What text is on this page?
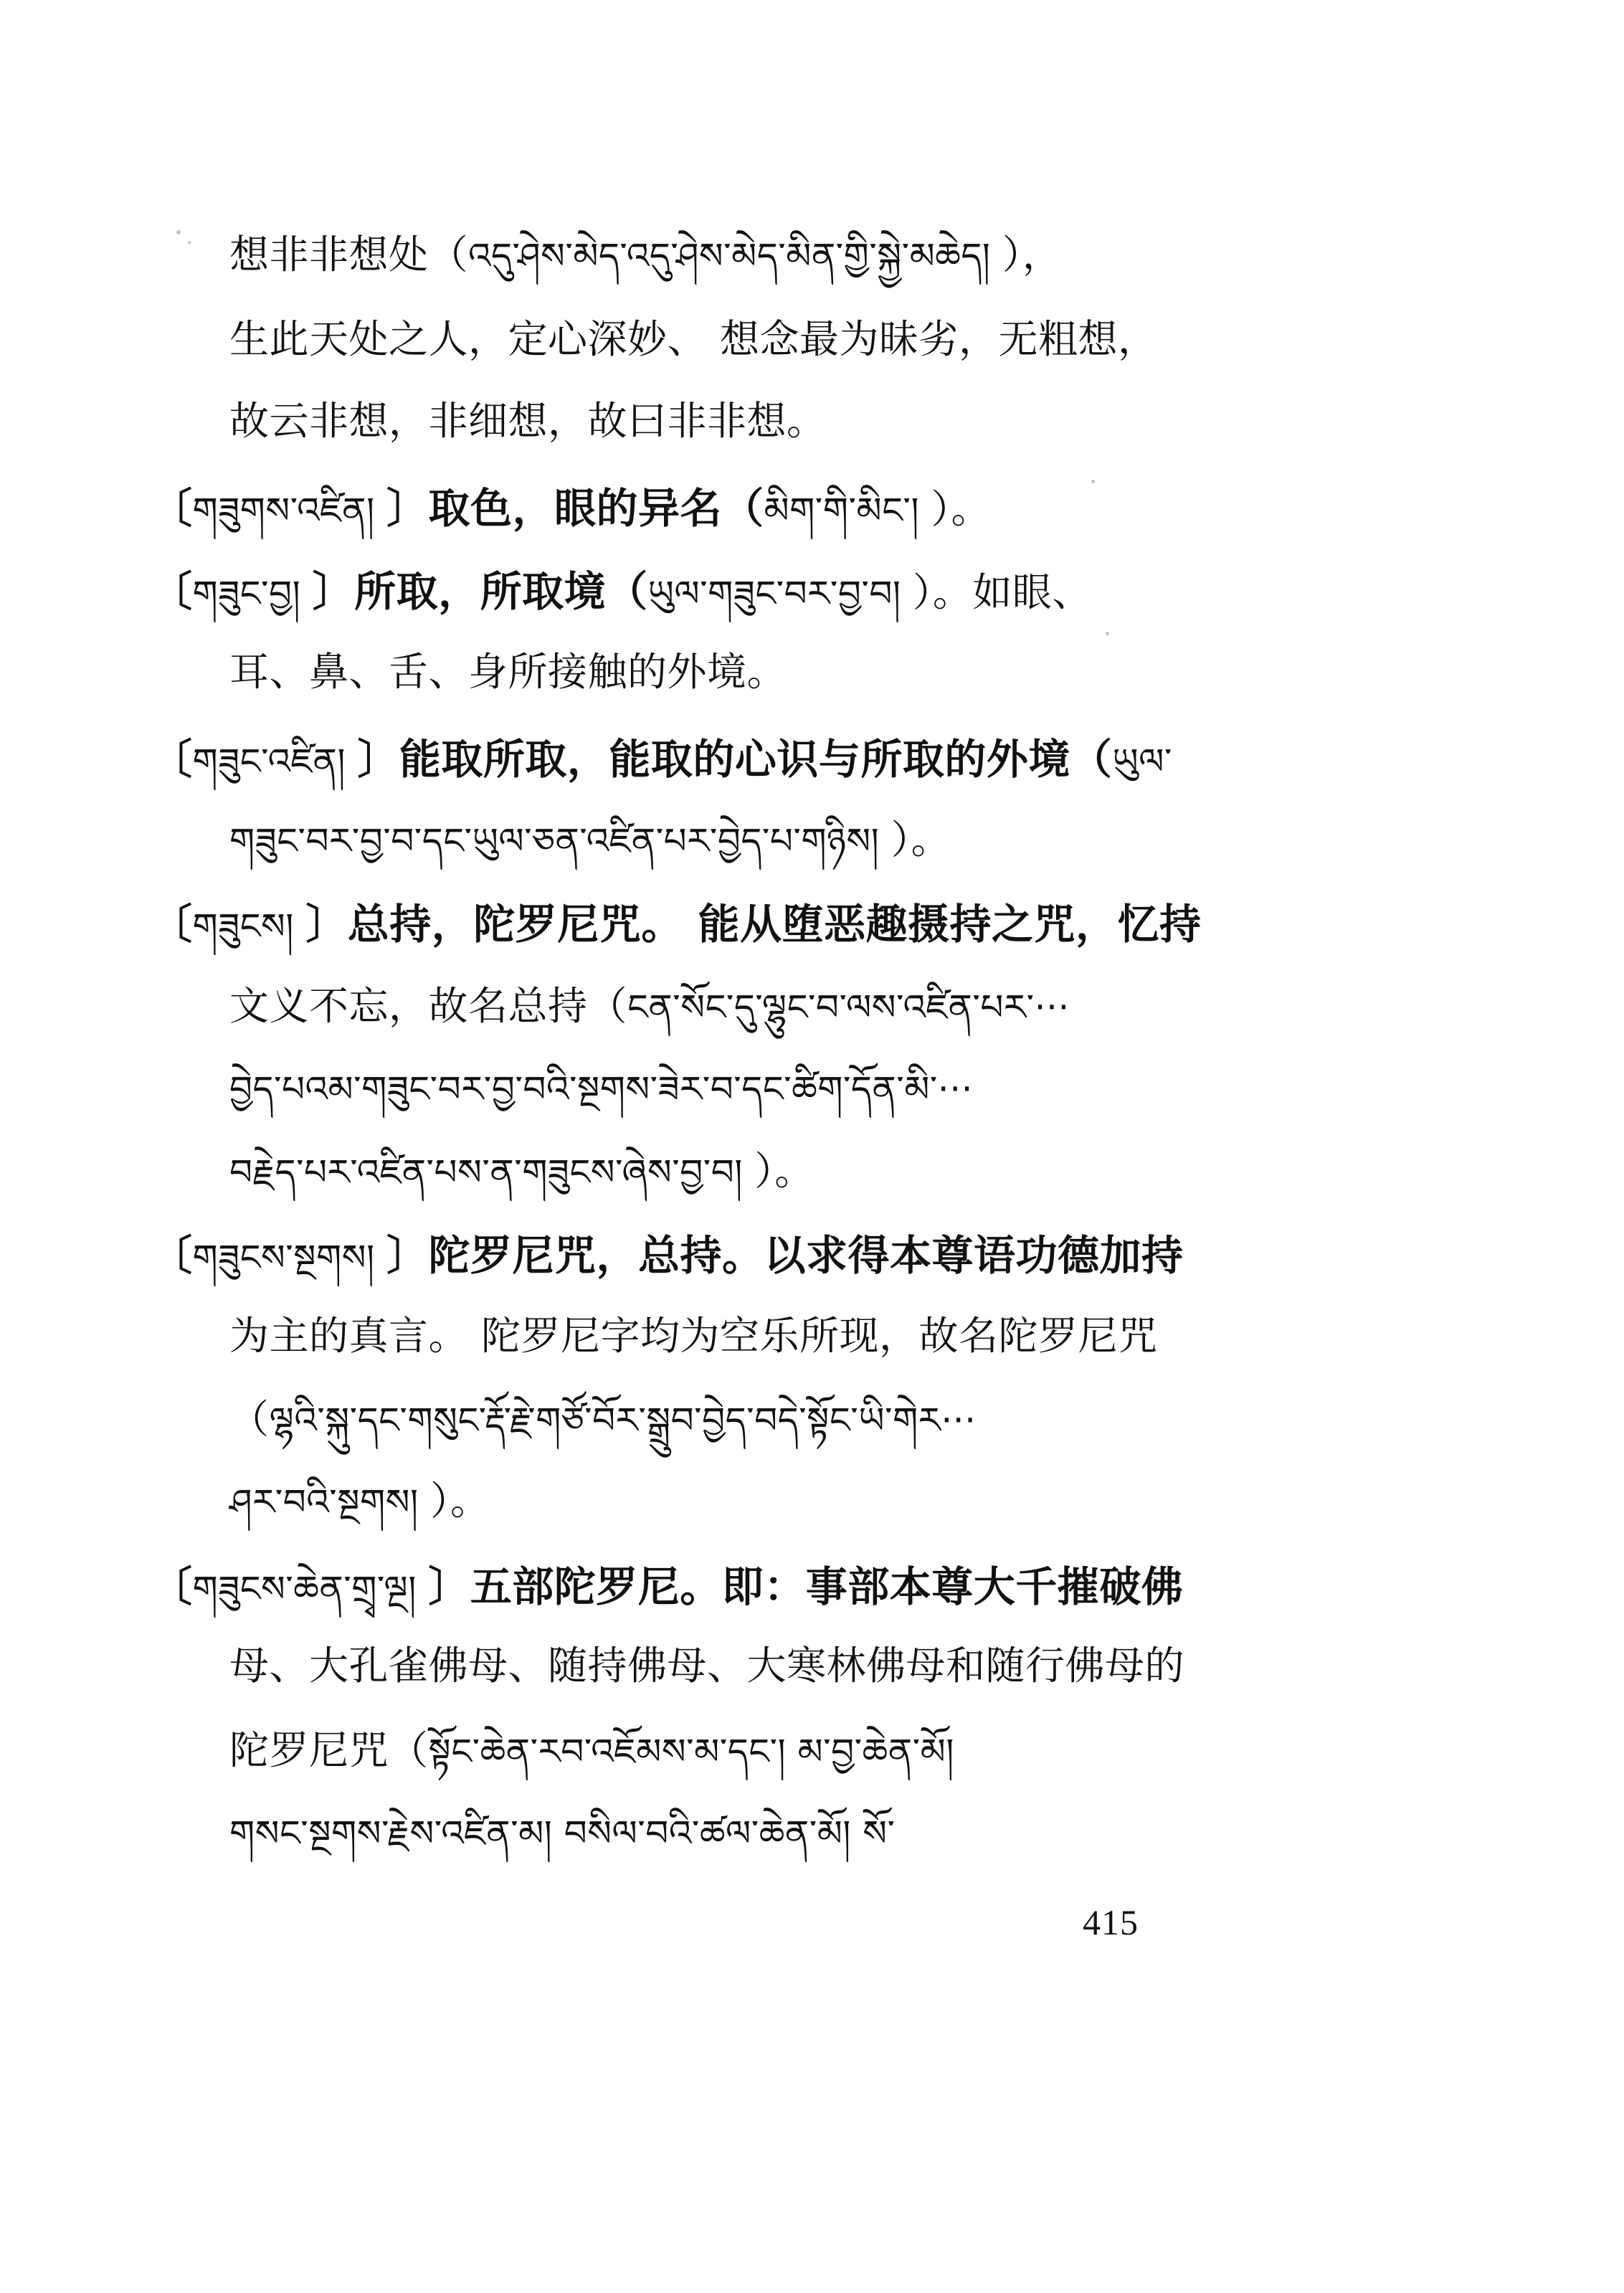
想非非想处（འདུ་ཤེས་མེད་འདུ་ཤེས་མེད་མིན་གྱི་སྐྱེ་མཆེད། ），
生此天处之人，定心深妙、 想念最为昧劣，无粗想，
故云非想，非细想，故曰非非想。
〔གཟུགས་འཛིན། 〕取色，眼的异名（མིག་གི་མིང་། ）。
〔གཟུང་བྱ། 〕所取，所取境（ཡུལ་གཟུང་བར་བྱ་བ། ）。如眼、
耳、鼻、舌、身所接触的外境。
〔གཟུང་འཛིན། 〕能取所取，能取的心识与所取的外境（ཡུལ་
གཟུང་བར་བྱ་བ་དང་ཡུལ་ཅན་འཛིན་པར་བྱེད་པ་གཉིས། ）。
〔གཟུངས། 〕总持，陀罗尼咒。 能从堕恶趣摄持之咒，忆持
文义不忘，故名总持（ངན་སོང་དུ་ལྷུང་བ་ལས་འཛིན་པར་···
བྱེད་པའམ་གཟུང་བར་བྱ་བའི་སྔགས་ཟེར་བ་དང་ཚིག་དོན་མི་···
བརྗེད་པར་འཛིན་པས་ན་གཟུངས་ཞེས་བྱ་བ། ）。
〔གཟུངས་སྔགས། 〕陀罗尼咒，总持。以求得本尊语功德加持
为主的真言。 陀罗尼字均为空乐所现，故名陀罗尼咒
（ལྷའི་སྐུ་དང་གསུང་རྡོ་རྗེ་གཙོ་བོར་སྒྲུབ་བྱེད་བདེ་སྟོང་ཡི་གེར···
ཤར་བའི་སྔགས། ）。
〔གཟུངས་ཆེན་གྲྭ་ལྔ། 〕五部陀罗尼。即：事部本尊大千摧破佛
母、大孔雀佛母、随持佛母、大寒林佛母和随行佛母的
陀罗尼咒（སྟོང་ཆེན་རབ་འཇོམས་མ་དང་། མ་བྱ་ཆེན་མོ།
གསང་སྔགས་རྗེས་འཛིན་མ། བསིལ་བའི་ཚལ་ཆེན་མོ། སོ་
415
